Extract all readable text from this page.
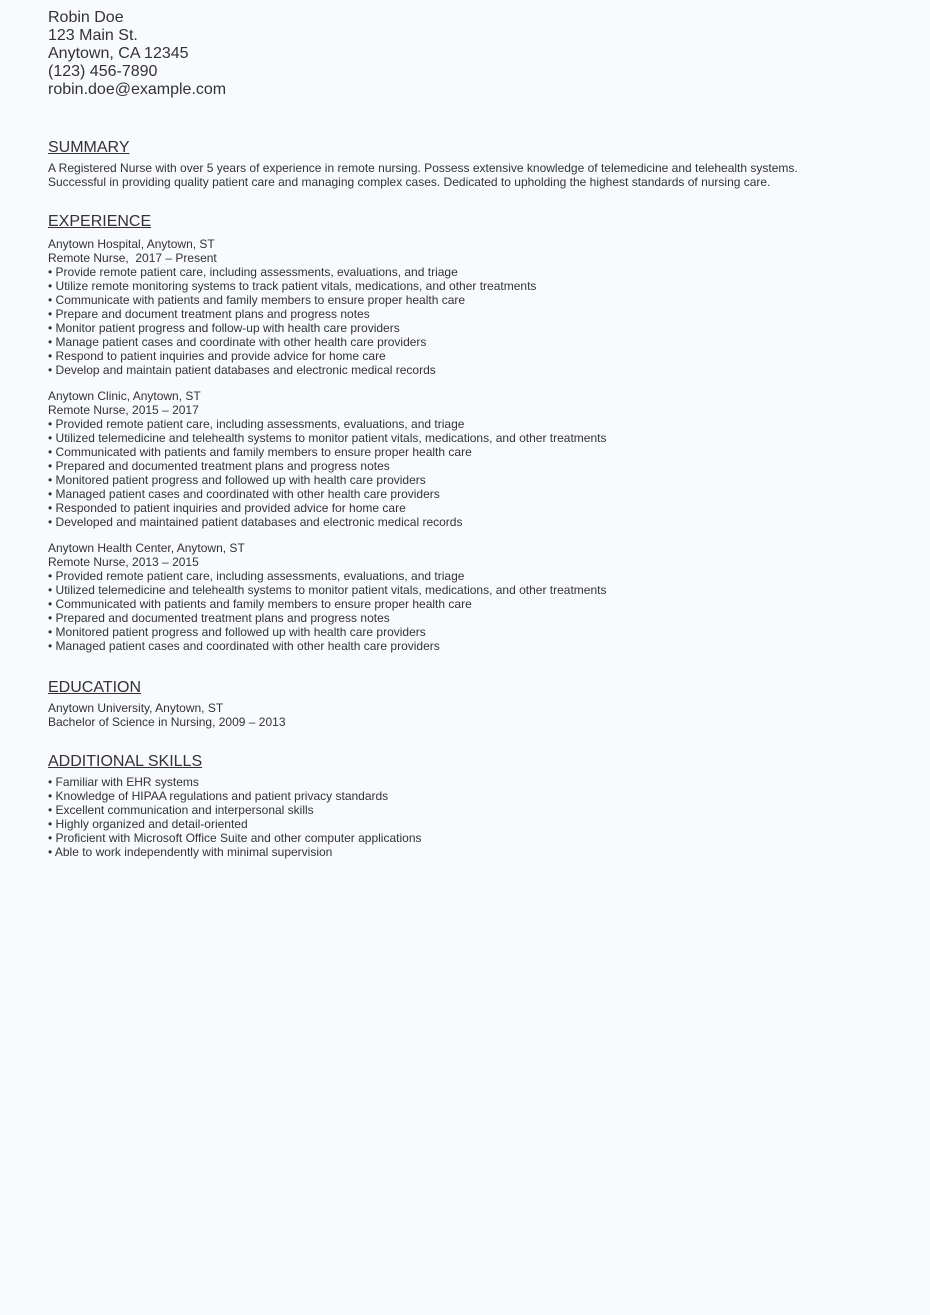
Robin Doe
123 Main St.
Anytown, CA 12345
(123) 456-7890
robin.doe@example.com
SUMMARY
A Registered Nurse with over 5 years of experience in remote nursing. Possess extensive knowledge of telemedicine and telehealth systems.
Successful in providing quality patient care and managing complex cases. Dedicated to upholding the highest standards of nursing care.
EXPERIENCE
Anytown Hospital, Anytown, ST
Remote Nurse,  2017 – Present
• Provide remote patient care, including assessments, evaluations, and triage
• Utilize remote monitoring systems to track patient vitals, medications, and other treatments
• Communicate with patients and family members to ensure proper health care
• Prepare and document treatment plans and progress notes
• Monitor patient progress and follow-up with health care providers
• Manage patient cases and coordinate with other health care providers
• Respond to patient inquiries and provide advice for home care
• Develop and maintain patient databases and electronic medical records
Anytown Clinic, Anytown, ST
Remote Nurse, 2015 – 2017
• Provided remote patient care, including assessments, evaluations, and triage
• Utilized telemedicine and telehealth systems to monitor patient vitals, medications, and other treatments
• Communicated with patients and family members to ensure proper health care
• Prepared and documented treatment plans and progress notes
• Monitored patient progress and followed up with health care providers
• Managed patient cases and coordinated with other health care providers
• Responded to patient inquiries and provided advice for home care
• Developed and maintained patient databases and electronic medical records
Anytown Health Center, Anytown, ST
Remote Nurse, 2013 – 2015
• Provided remote patient care, including assessments, evaluations, and triage
• Utilized telemedicine and telehealth systems to monitor patient vitals, medications, and other treatments
• Communicated with patients and family members to ensure proper health care
• Prepared and documented treatment plans and progress notes
• Monitored patient progress and followed up with health care providers
• Managed patient cases and coordinated with other health care providers
EDUCATION
Anytown University, Anytown, ST
Bachelor of Science in Nursing, 2009 – 2013
ADDITIONAL SKILLS
• Familiar with EHR systems
• Knowledge of HIPAA regulations and patient privacy standards
• Excellent communication and interpersonal skills
• Highly organized and detail-oriented
• Proficient with Microsoft Office Suite and other computer applications
• Able to work independently with minimal supervision
